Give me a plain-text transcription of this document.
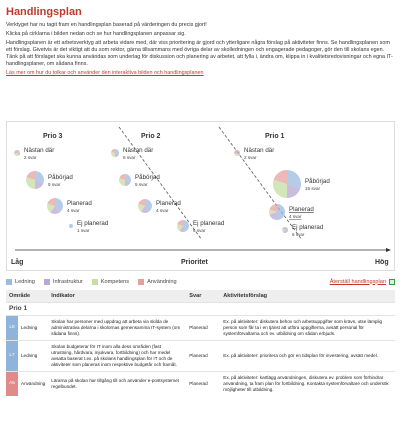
Handlingsplan

Verktyget har nu tagit fram en handlingsplan baserad på värderingen du precis gjort!

Klicka på cirklarna i bilden nedan och se hur handlingsplanen anpassar sig.

Handlingsplanen är ett arbetsverktyg att arbeta vidare med, där viss prioritering är gjord och ytterligare några förslag på aktiviteter finns. Se handlingsplanen som ett förslag. Givetvis är det viktigt att du som rektor, gärna tillsammans med övriga delar av skolledningen och engagerade pedagoger, gör den till skolans egen. Tänk på att förslaget ska kunna användas som underlag för diskussion och planering av arbetet, att fylla i, ändra om, klippa in i kvalitetsredovisningar och egna IT-handlingsplaner, om sådana finns.

Läs mer om hur du tolkar och använder den interaktiva bilden och handlingsplanen

Prio 3	Prio 2	Prio 1
Låg	Prioritet	Hög
Nästan där
2 svar
Påbörjad
5 svar
Planerad
4 svar
Ej planerad
1 svar
Nästan där
6 svar
Påbörjad
5 svar
Planerad
4 svar
Ej planerad
6 svar
Nästan där
2 svar
Påbörjad
15 svar
Planerad
4 svar
Ej planerad
6 svar
Ledning	Infrastruktur	Kompetens	Användning	Återställ handlingsplan
Område		Indikator	Svar	Aktivitetsförslag
Prio 1				
L8	Ledning	Skolan har personer med uppdrag att arbeta via skilda de administrativa delarna i skolornas gemensamma IT-system (om sådana finns).	Planerad	Ex. på aktiviteter: diskutera behov och arbetsuppgifter som krävs, utse lämplig person som får ta i en tjänst att utföra uppgifterna, avsätt personal för systemförvaltarna och ev. utbildning om sådan erbjuds.
L7	Ledning	Skolan budgeterar för IT inom alla dess områden (fast utrustning, hårdvara, mjukvara, fortbildning) och har medel avsatta baserat t.ex. på skolans handlingsplan för IT och de aktiviteter som planeras inom respektive budgetår och framåt.	Planerad	Ex. på aktiviteter: prioritera och gör en tidsplan för investering, avsätt medel.
A5	Användning	Lärarna på skolan har tillgång till och använder e-postsystemet regelbundet.	Planerad	Ex. på aktiviteter: kartlägg användningen, diskutera ev. problem som förhindrar användning, ta fram plan för fortbildning. Kontakta systemförvaltare och undersök möjligheter till utbildning.
